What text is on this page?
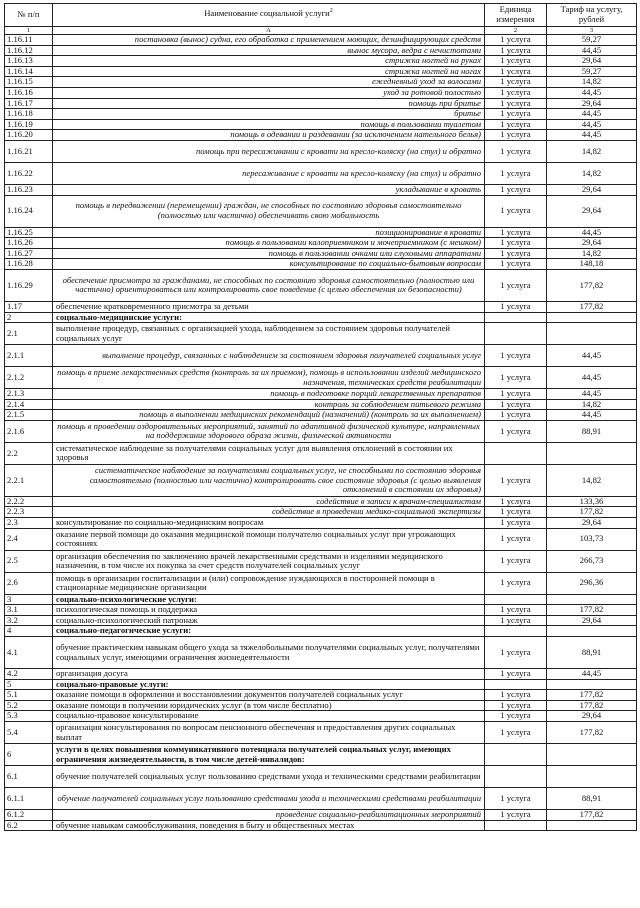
№ п/п	Наименование социальной услуги$^2$	Единица измерения	Тариф на услугу, рублей
1	А	2	3
1.16.11	постановка (вынос) судна, его обработка с применением моющих, дезинфицирующих средств	1 услуга	59,27
1.16.12	вынос мусора, ведра с нечистотами	1 услуга	44,45
1.16.13	стрижка ногтей на руках	1 услуга	29,64
1.16.14	стрижка ногтей на ногах	1 услуга	59,27
1.16.15	ежедневный уход за волосами	1 услуга	14,82
1.16.16	уход за ротовой полостью	1 услуга	44,45
1.16.17	помощь при бритье	1 услуга	29,64
1.16.18	бритье	1 услуга	44,45
1.16.19	помощь в пользовании туалетом	1 услуга	44,45
1.16.20	помощь в одевании и раздевании (за исключением нательного белья)	1 услуга	44,45
1.16.21	помощь при пересаживании с кровати на кресло-коляску (на стул) и обратно	1 услуга	14,82
1.16.22	пересаживание с кровати на кресло-коляску (на стул) и обратно	1 услуга	14,82
1.16.23	укладывание в кровать	1 услуга	29,64
1.16.24	помощь в передвижении (перемещении) граждан, не способных по состоянию здоровья самостоятельно (полностью или частично) обеспечивать свою мобильность	1 услуга	29,64
1.16.25	позиционирование в кровати	1 услуга	44,45
1.16.26	помощь в пользовании калоприемником и мочеприемником (с мешком)	1 услуга	29,64
1.16.27	помощь в пользовании очками или слуховыми аппаратами	1 услуга	14,82
1.16.28	консультирование по социально-бытовым вопросам	1 услуга	148,18
1.16.29	обеспечение присмотра за гражданами, не способных по состоянию здоровья самостоятельно (полностью или частично) ориентироваться или контролировать свое поведение (с целью обеспечения их безопасности)	1 услуга	177,82
1.17	обеспечение кратковременного присмотра за детьми	1 услуга	177,82
2	социально-медицинские услуги:		
2.1	выполнение процедур, связанных с организацией ухода, наблюдением за состоянием здоровья получателей социальных услуг		
2.1.1	выполнение процедур, связанных с наблюдением за состоянием здоровья получателей социальных услуг	1 услуга	44,45
2.1.2	помощь в приеме лекарственных средств (контроль за их приемом), помощь в использовании изделий медицинского назначения, технических средств реабилитации	1 услуга	44,45
2.1.3	помощь в подготовке порций лекарственных препаратов	1 услуга	44,45
2.1.4	контроль за соблюдением питьевого режима	1 услуга	14,82
2.1.5	помощь в выполнении медицинских рекомендаций (назначений) (контроль за их выполнением)	1 услуга	44,45
2.1.6	помощь в проведении оздоровительных мероприятий, занятий по адаптивной физической культуре, направленных на поддержание здорового образа жизни, физической активности	1 услуга	88,91
2.2	систематическое наблюдение за получателями социальных услуг для выявления отклонений в состоянии их здоровья		
2.2.1	систематическое наблюдение за получателями социальных услуг, не способными по состоянию здоровья самостоятельно (полностью или частично) контролировать свое состояние здоровья (с целью выявления отклонений в состоянии их здоровья)	1 услуга	14,82
2.2.2	содействие в записи к врачам-специалистам	1 услуга	133,36
2.2.3	содействие в проведении медико-социальной экспертизы	1 услуга	177,82
2.3	консультирование по социально-медицинским вопросам	1 услуга	29,64
2.4	оказание первой помощи до оказания медицинской помощи получателю социальных услуг при угрожающих состояниях	1 услуга	103,73
2.5	организация обеспечения по заключению врачей лекарственными средствами и изделиями медицинского назначения, в том числе их покупка за счет средств получателей социальных услуг	1 услуга	266,73
2.6	помощь в организации госпитализации и (или) сопровождение нуждающихся в посторонней помощи в стационарные медицинские организации	1 услуга	296,36
3	социально-психологические услуги:		
3.1	психологическая помощь и поддержка	1 услуга	177,82
3.2	социально-психологический патронаж	1 услуга	29,64
4	социально-педагогические услуги:		
4.1	обучение практическим навыкам общего ухода за тяжелобольными получателями социальных услуг, получателями социальных услуг, имеющими ограничения жизнедеятельности	1 услуга	88,91
4.2	организация досуга	1 услуга	44,45
5	социально-правовые услуги:		
5.1	оказание помощи в оформлении и восстановлении документов получателей социальных услуг	1 услуга	177,82
5.2	оказание помощи в получении юридических услуг (в том числе бесплатно)	1 услуга	177,82
5.3	социально-правовое консультирование	1 услуга	29,64
5.4	организация консультирования по вопросам пенсионного обеспечения и предоставления других социальных выплат	1 услуга	177,82
6	услуги в целях повышения коммуникативного потенциала получателей социальных услуг, имеющих ограничения жизнедеятельности, в том числе детей-инвалидов:		
6.1	обучение получателей социальных услуг пользованию средствами ухода и техническими средствами реабилитации		
6.1.1	обучение получателей социальных услуг пользованию средствами ухода и техническими средствами реабилитации	1 услуга	88,91
6.1.2	проведение социально-реабилитационных мероприятий	1 услуга	177,82
6.2	обучение навыкам самообслуживания, поведения в быту и общественных местах		
